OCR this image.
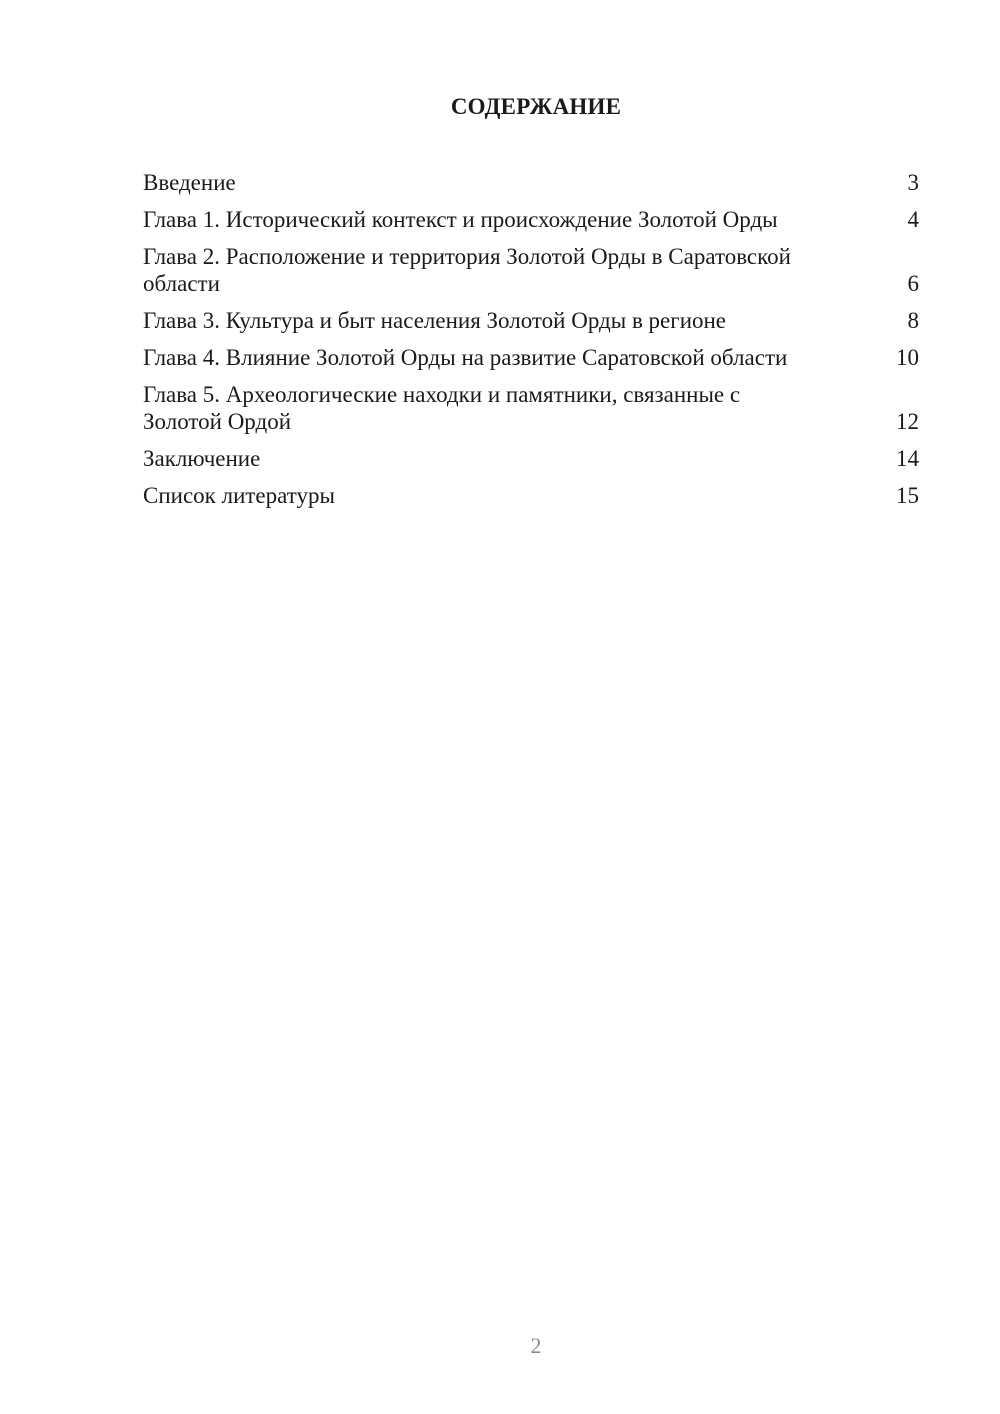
СОДЕРЖАНИЕ
Введение	3
Глава 1. Исторический контекст и происхождение Золотой Орды	4
Глава 2. Расположение и территория Золотой Орды в Саратовской области	6
Глава 3. Культура и быт населения Золотой Орды в регионе	8
Глава 4. Влияние Золотой Орды на развитие Саратовской области	10
Глава 5. Археологические находки и памятники, связанные с Золотой Ордой	12
Заключение	14
Список литературы	15
2
